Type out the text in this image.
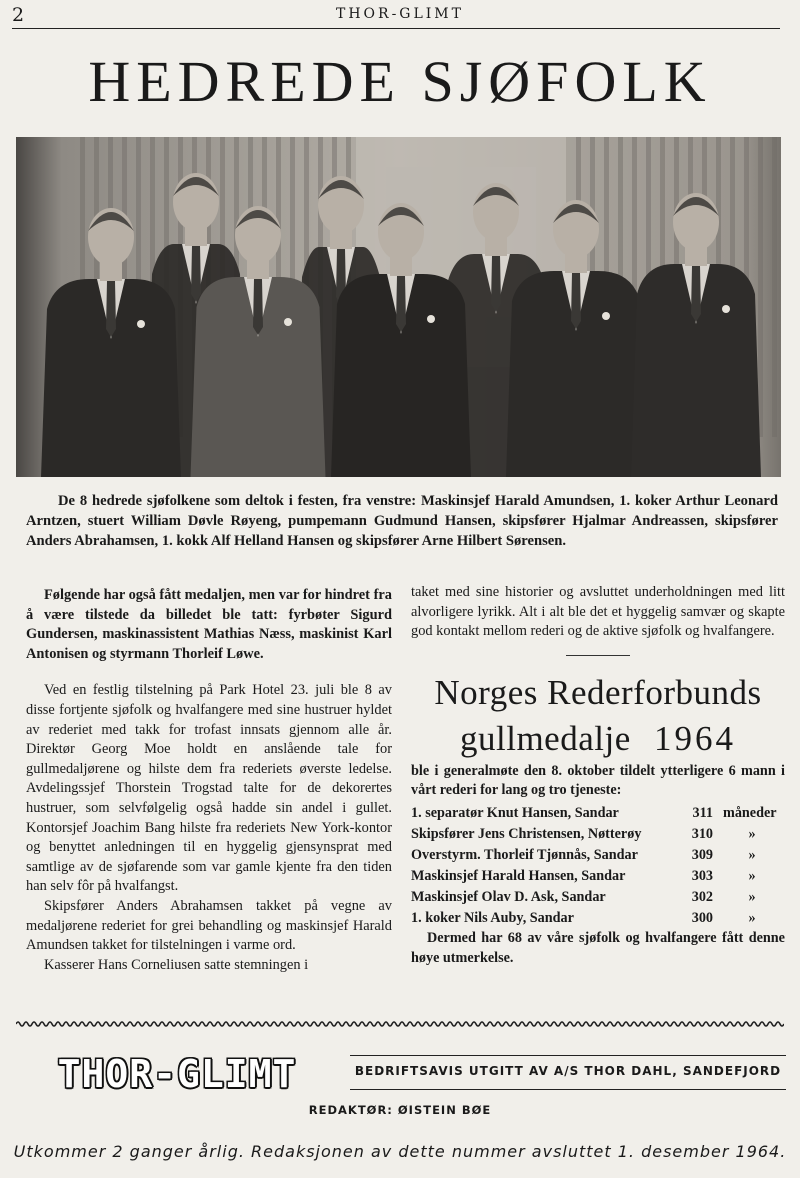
2	THOR-GLIMT
HEDREDE SJØFOLK
De 8 hedrede sjøfolkene som deltok i festen, fra venstre: Maskinsjef Harald Amundsen, 1. koker Arthur Leonard Arntzen, stuert William Døvle Røyeng, pumpemann Gudmund Hansen, skipsfører Hjalmar Andreassen, skipsfører Anders Abrahamsen, 1. kokk Alf Helland Hansen og skipsfører Arne Hilbert Sørensen.

Følgende har også fått medaljen, men var for hindret fra å være tilstede da billedet ble tatt: fyrbøter Sigurd Gundersen, maskinassistent Mathias Næss, maskinist Karl Antonisen og styrmann Thorleif Løwe.

Ved en festlig tilstelning på Park Hotel 23. juli ble 8 av disse fortjente sjøfolk og hvalfangere med sine hustruer hyldet av rederiet med takk for trofast innsats gjennom alle år. Direktør Georg Moe holdt en anslående tale for gullmedaljørene og hilste dem fra rederiets øverste ledelse. Avdelingssjef Thorstein Trogstad talte for de dekorertes hustruer, som selvfølgelig også hadde sin andel i gullet. Kontorsjef Joachim Bang hilste fra rederiets New York-kontor og benyttet anledningen til en hyggelig gjensynsprat med samtlige av de sjøfarende som var gamle kjente fra den tiden han selv fôr på hvalfangst.

Skipsfører Anders Abrahamsen takket på vegne av medaljørene rederiet for grei behandling og maskinsjef Harald Amundsen takket for tilstelningen i varme ord.

Kasserer Hans Corneliusen satte stemningen i

taket med sine historier og avsluttet underholdningen med litt alvorligere lyrikk. Alt i alt ble det et hyggelig samvær og skapte god kontakt mellom rederi og de aktive sjøfolk og hvalfangere.

Norges Rederforbunds
gullmedalje 1964

ble i generalmøte den 8. oktober tildelt ytterligere 6 mann i vårt rederi for lang og tro tjeneste:

1. separatør Knut Hansen, Sandar	311	måneder
Skipsfører Jens Christensen, Nøtterøy	310	»
Overstyrm. Thorleif Tjønnås, Sandar	309	»
Maskinsjef Harald Hansen, Sandar	303	»
Maskinsjef Olav D. Ask, Sandar	302	»
1. koker Nils Auby, Sandar	300	»

Dermed har 68 av våre sjøfolk og hvalfangere fått denne høye utmerkelse.

THOR-GLIMT	BEDRIFTSAVIS UTGITT AV A/S THOR DAHL, SANDEFJORD
REDAKTØR: ØISTEIN BØE
Utkommer 2 ganger årlig. Redaksjonen av dette nummer avsluttet 1. desember 1964.
